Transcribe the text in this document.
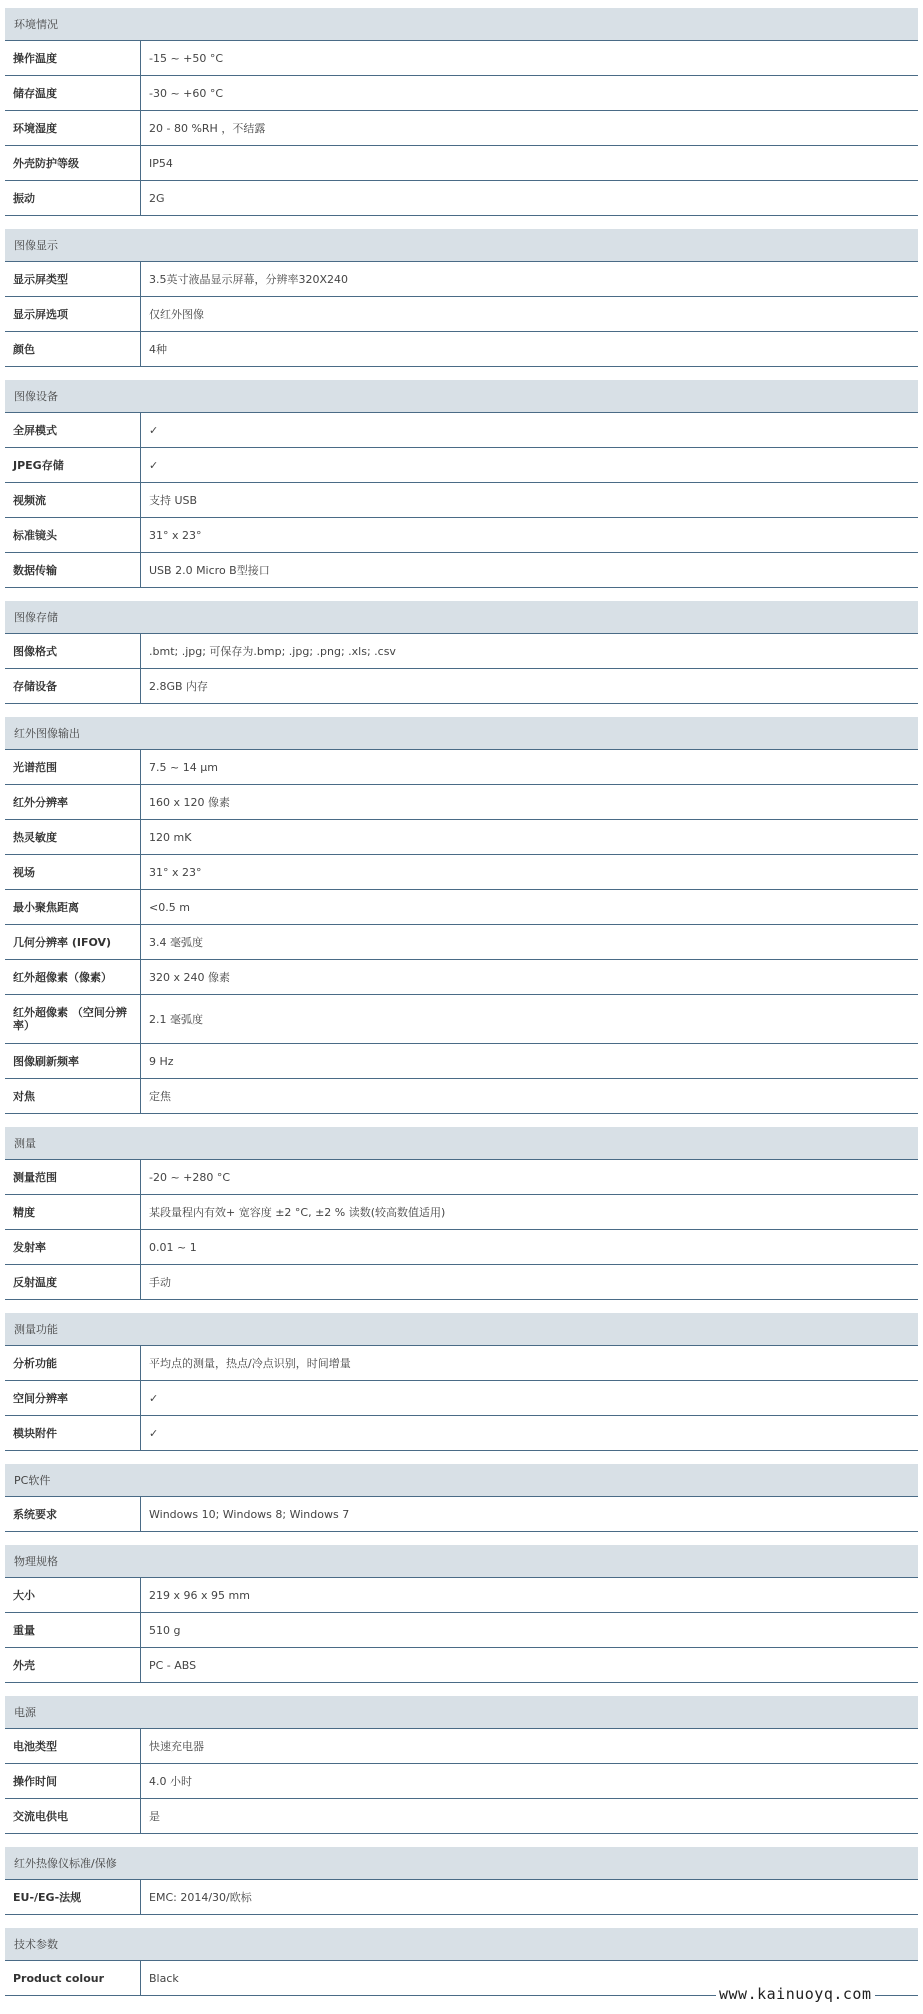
环境情况
操作温度	-15 ~ +50 °C
储存温度	-30 ~ +60 °C
环境湿度	20 - 80 %RH ，不结露
外壳防护等级	IP54
振动	2G
图像显示
显示屏类型	3.5英寸液晶显示屏幕，分辨率320X240
显示屏选项	仅红外图像
颜色	4种
图像设备
全屏模式	✓
JPEG存储	✓
视频流	支持 USB
标准镜头	31° x 23°
数据传输	USB 2.0 Micro B型接口
图像存储
图像格式	.bmt; .jpg; 可保存为.bmp; .jpg; .png; .xls; .csv
存储设备	2.8GB 内存
红外图像输出
光谱范围	7.5 ~ 14 µm
红外分辨率	160 x 120 像素
热灵敏度	120 mK
视场	31° x 23°
最小聚焦距离	<0.5 m
几何分辨率 (IFOV)	3.4 毫弧度
红外超像素（像素）	320 x 240 像素
红外超像素 （空间分辨率）	2.1 毫弧度
图像刷新频率	9 Hz
对焦	定焦
测量
测量范围	-20 ~ +280 °C
精度	某段量程内有效+ 宽容度 ±2 °C, ±2 % 读数(较高数值适用)
发射率	0.01 ~ 1
反射温度	手动
测量功能
分析功能	平均点的测量，热点/冷点识别，时间增量
空间分辨率	✓
模块附件	✓
PC软件
系统要求	Windows 10; Windows 8; Windows 7
物理规格
大小	219 x 96 x 95 mm
重量	510 g
外壳	PC - ABS
电源
电池类型	快速充电器
操作时间	4.0 小时
交流电供电	是
红外热像仪标准/保修
EU-/EG-法规	EMC: 2014/30/欧标
技术参数
Product colour	Black
www.kainuoyq.com
